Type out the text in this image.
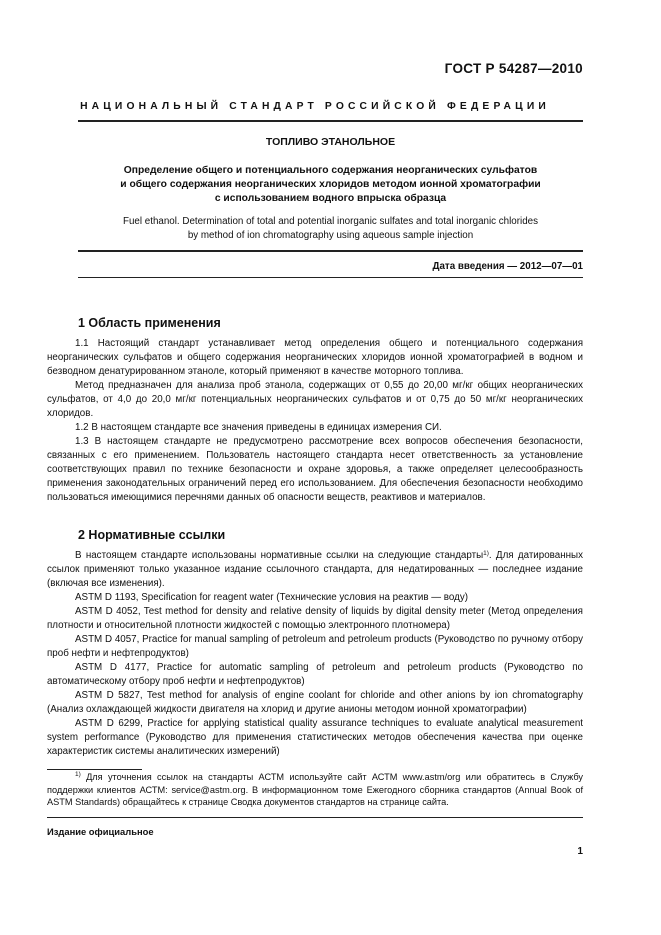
ГОСТ Р 54287—2010
НАЦИОНАЛЬНЫЙ СТАНДАРТ РОССИЙСКОЙ ФЕДЕРАЦИИ
ТОПЛИВО ЭТАНОЛЬНОЕ
Определение общего и потенциального содержания неорганических сульфатов
и общего содержания неорганических хлоридов методом ионной хроматографии
с использованием водного впрыска образца
Fuel ethanol. Determination of total and potential inorganic sulfates and total inorganic chlorides
by method of ion chromatography using aqueous sample injection
Дата введения — 2012—07—01
1 Область применения

1.1 Настоящий стандарт устанавливает метод определения общего и потенциального содержания неорганических сульфатов и общего содержания неорганических хлоридов ионной хроматографией в водном и безводном денатурированном этаноле, который применяют в качестве моторного топлива.

Метод предназначен для анализа проб этанола, содержащих от 0,55 до 20,00 мг/кг общих неорганических сульфатов, от 4,0 до 20,0 мг/кг потенциальных неорганических сульфатов и от 0,75 до 50 мг/кг неорганических хлоридов.

1.2 В настоящем стандарте все значения приведены в единицах измерения СИ.

1.3 В настоящем стандарте не предусмотрено рассмотрение всех вопросов обеспечения безопасности, связанных с его применением. Пользователь настоящего стандарта несет ответственность за установление соответствующих правил по технике безопасности и охране здоровья, а также определяет целесообразность применения законодательных ограничений перед его использованием. Для обеспечения безопасности необходимо пользоваться имеющимися перечнями данных об опасности веществ, реактивов и материалов.

2 Нормативные ссылки

В настоящем стандарте использованы нормативные ссылки на следующие стандарты$^{1)}$. Для датированных ссылок применяют только указанное издание ссылочного стандарта, для недатированных — последнее издание (включая все изменения).

ASTM D 1193, Specification for reagent water (Технические условия на реактив — воду)

ASTM D 4052, Test method for density and relative density of liquids by digital density meter (Метод определения плотности и относительной плотности жидкостей с помощью электронного плотномера)

ASTM D 4057, Practice for manual sampling of petroleum and petroleum products (Руководство по ручному отбору проб нефти и нефтепродуктов)

ASTM D 4177, Practice for automatic sampling of petroleum and petroleum products (Руководство по автоматическому отбору проб нефти и нефтепродуктов)

ASTM D 5827, Test method for analysis of engine coolant for chloride and other anions by ion chromatography (Анализ охлаждающей жидкости двигателя на хлорид и другие анионы методом ионной хроматографии)

ASTM D 6299, Practice for applying statistical quality assurance techniques to evaluate analytical measurement system performance (Руководство для применения статистических методов обеспечения качества при оценке характеристик системы аналитических измерений)

$^{1)}$ Для уточнения ссылок на стандарты АСТМ используйте сайт АСТМ www.astm/org или обратитесь в Службу поддержки клиентов АСТМ: service@astm.org. В информационном томе Ежегодного сборника стандартов (Annual Book of ASTM Standards) обращайтесь к странице Сводка документов стандартов на странице сайта.

Издание официальное
1
